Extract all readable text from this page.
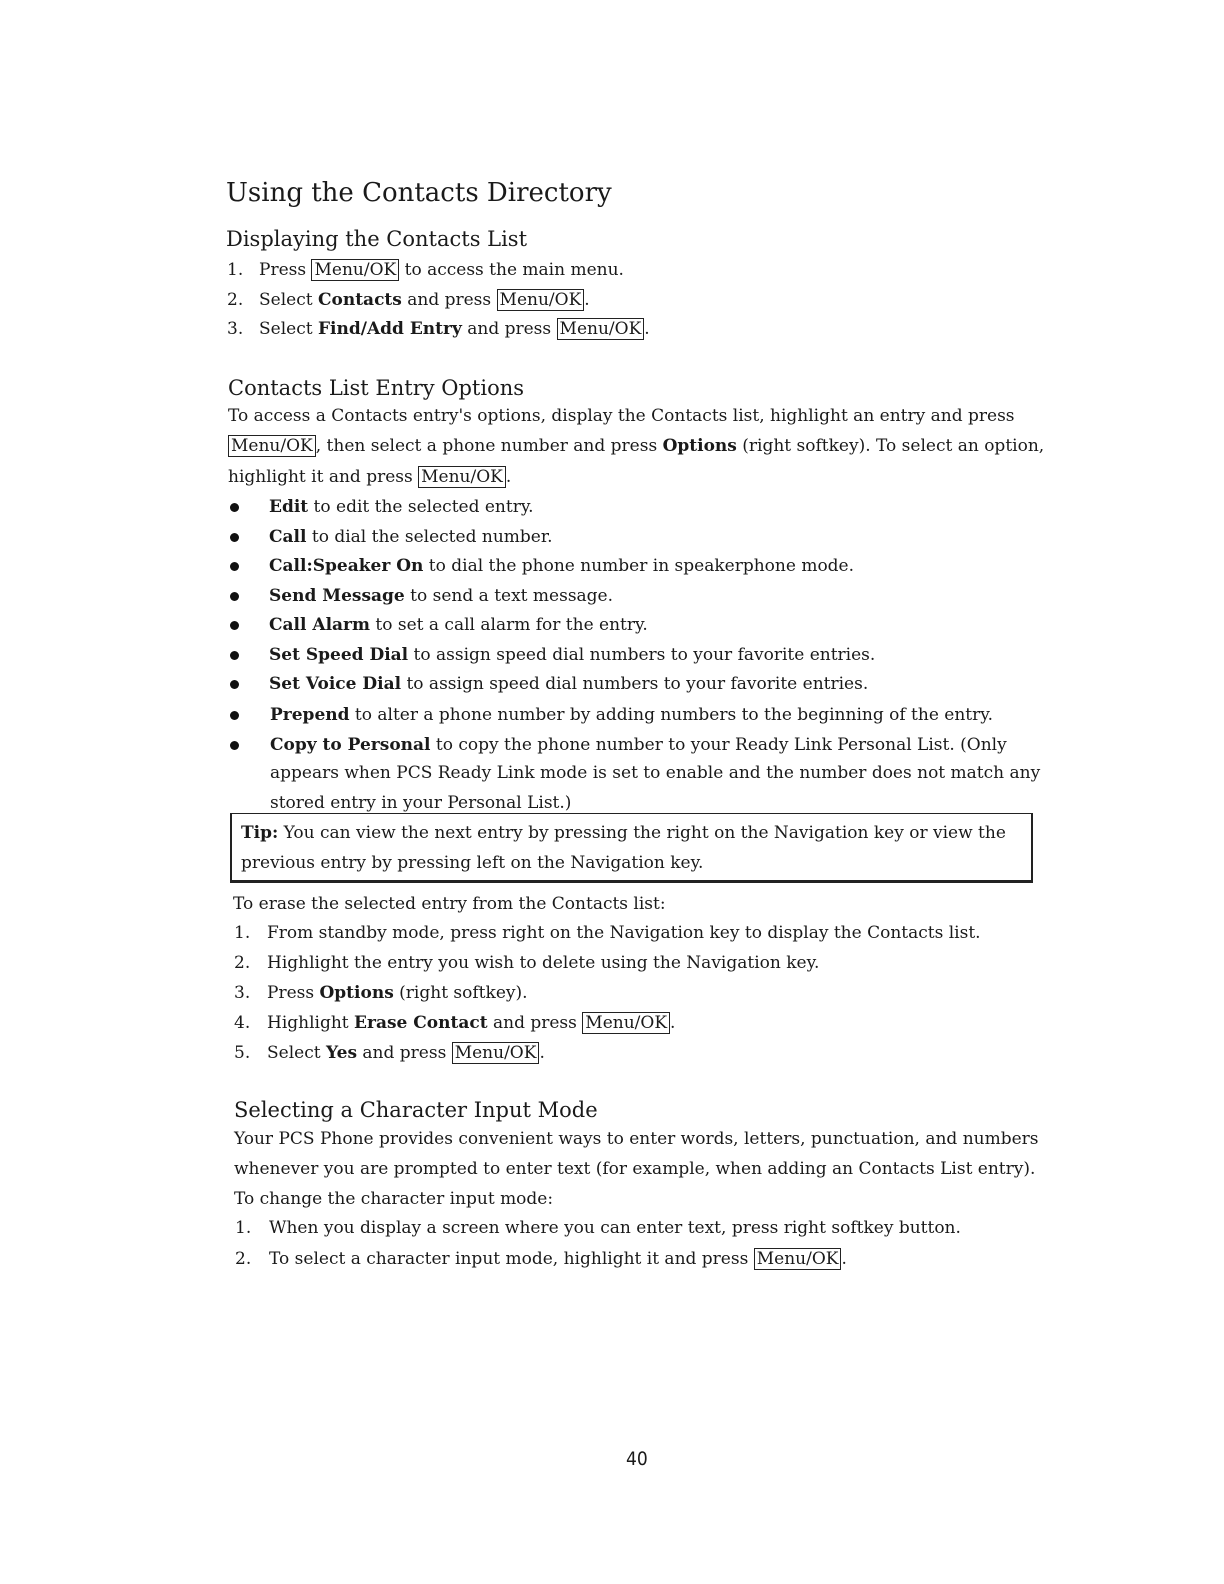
Using the Contacts Directory
Displaying the Contacts List
1. Press Menu/OK to access the main menu.
2. Select Contacts and press Menu/OK .
3. Select Find/Add Entry and press Menu/OK .
Contacts List Entry Options
To access a Contacts entry's options, display the Contacts list, highlight an entry and press
Menu/OK , then select a phone number and press Options (right softkey). To select an option,
highlight it and press Menu/OK .
Edit to edit the selected entry.
Call to dial the selected number.
Call:Speaker On to dial the phone number in speakerphone mode.
Send Message to send a text message.
Call Alarm to set a call alarm for the entry.
Set Speed Dial to assign speed dial numbers to your favorite entries.
Set Voice Dial to assign speed dial numbers to your favorite entries.
Prepend to alter a phone number by adding numbers to the beginning of the entry.
Copy to Personal to copy the phone number to your Ready Link Personal List. (Only
appears when PCS Ready Link mode is set to enable and the number does not match any
stored entry in your Personal List.)
Tip: You can view the next entry by pressing the right on the Navigation key or view the
previous entry by pressing left on the Navigation key.
To erase the selected entry from the Contacts list:
1. From standby mode, press right on the Navigation key to display the Contacts list.
2. Highlight the entry you wish to delete using the Navigation key.
3. Press Options (right softkey).
4. Highlight Erase Contact and press Menu/OK .
5. Select Yes and press Menu/OK .
Selecting a Character Input Mode
Your PCS Phone provides convenient ways to enter words, letters, punctuation, and numbers
whenever you are prompted to enter text (for example, when adding an Contacts List entry).
To change the character input mode:
1. When you display a screen where you can enter text, press right softkey button.
2. To select a character input mode, highlight it and press Menu/OK .
40
